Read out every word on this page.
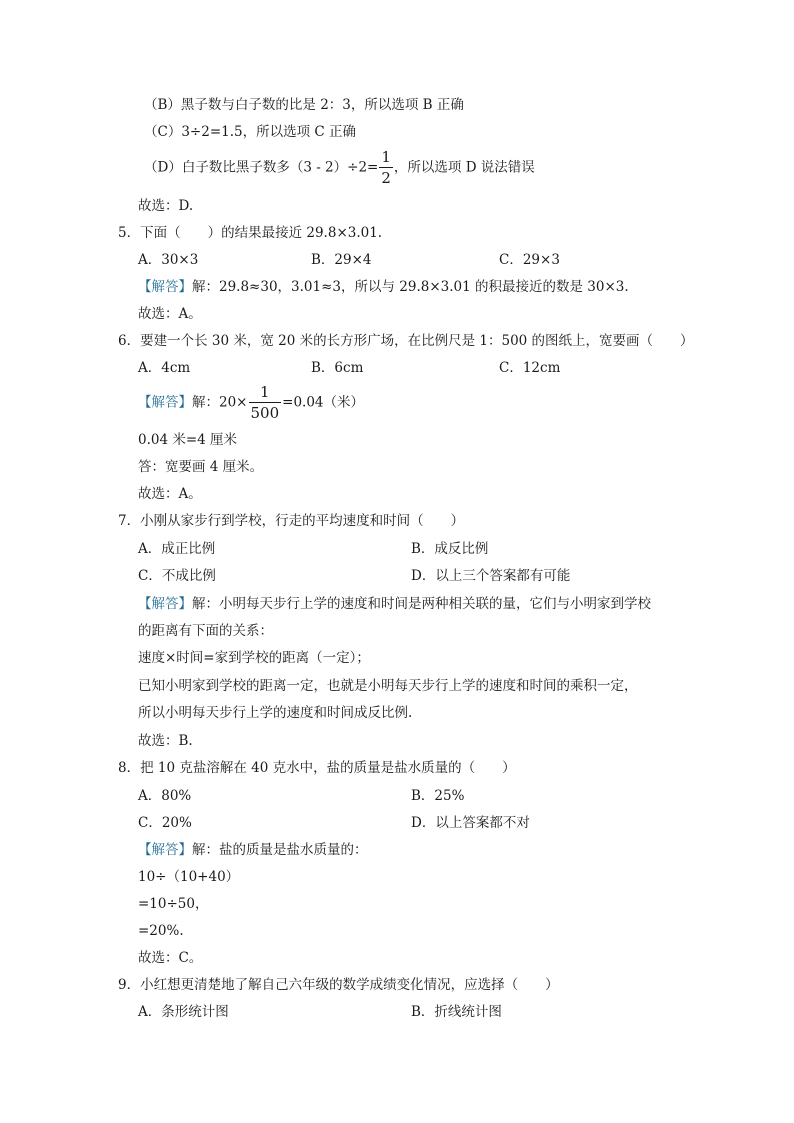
（B）黑子数与白子数的比是 2：3，所以选项 B 正确
（C）3÷2=1.5，所以选项 C 正确
（D）白子数比黑子数多$(3 - 2)\div 2= \frac{1}{2}$ ，所以选项 D 说法错误
故选：D.
5．下面（　　）的结果最接近 29.8×3.01.
A．30×3	B．29×4	C．29×3
【解答】解：29.8≈30，3.01≈3，所以与 29.8×3.01 的积最接近的数是 30×3.
故选：A。
6．要建一个长 30 米，宽 20 米的长方形广场，在比例尺是 1：500 的图纸上，宽要画（　　）
A．4cm	B．6cm	C．12cm
【解答】解：$20\times \frac{1}{500} =0.04$（米）
0.04 米=4 厘米
答：宽要画 4 厘米。
故选：A。
7．小刚从家步行到学校，行走的平均速度和时间（　　）
A．成正比例	B．成反比例
C．不成比例	D．以上三个答案都有可能
【解答】解：小明每天步行上学的速度和时间是两种相关联的量，它们与小明家到学校
的距离有下面的关系：
速度×时间=家到学校的距离（一定）；
已知小明家到学校的距离一定，也就是小明每天步行上学的速度和时间的乘积一定，
所以小明每天步行上学的速度和时间成反比例.
故选：B.
8．把 10 克盐溶解在 40 克水中，盐的质量是盐水质量的（　　）
A．80%	B．25%
C．20%	D．以上答案都不对
【解答】解：盐的质量是盐水质量的：
10÷（10+40）
=10÷50，
=20%.
故选：C。
9．小红想更清楚地了解自己六年级的数学成绩变化情况，应选择（　　）
A．条形统计图	B．折线统计图
